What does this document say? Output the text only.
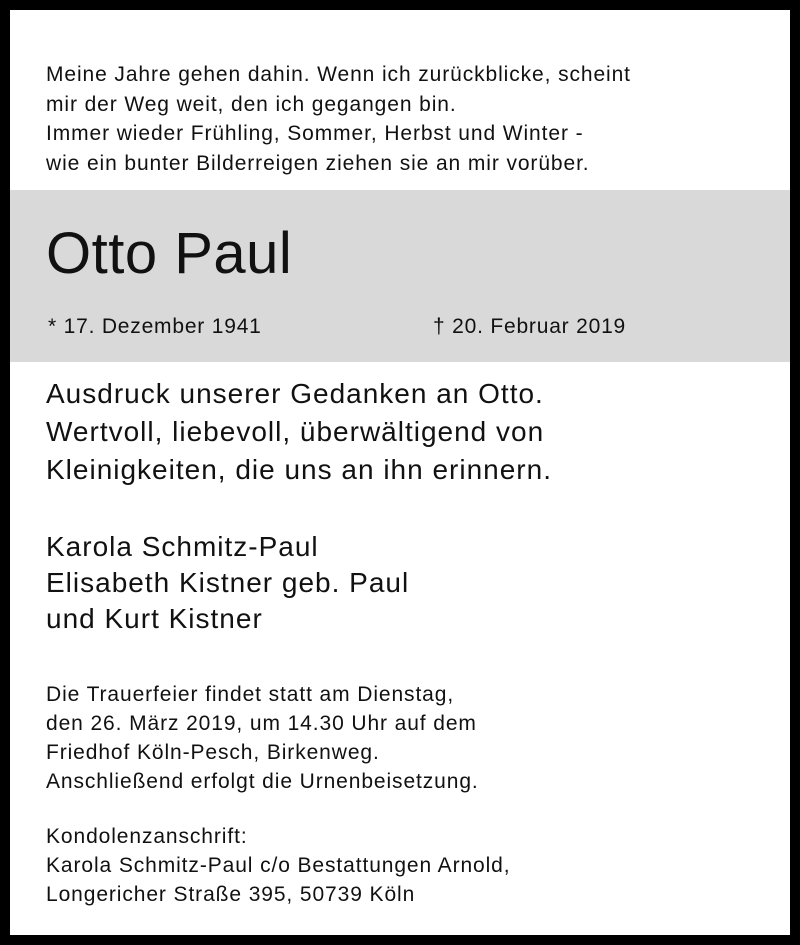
Meine Jahre gehen dahin. Wenn ich zurückblicke, scheint
mir der Weg weit, den ich gegangen bin.
Immer wieder Frühling, Sommer, Herbst und Winter -
wie ein bunter Bilderreigen ziehen sie an mir vorüber.
Otto Paul
* 17. Dezember 1941	† 20. Februar 2019
Ausdruck unserer Gedanken an Otto.
Wertvoll, liebevoll, überwältigend von
Kleinigkeiten, die uns an ihn erinnern.
Karola Schmitz-Paul
Elisabeth Kistner geb. Paul
und Kurt Kistner
Die Trauerfeier findet statt am Dienstag,
den 26. März 2019, um 14.30 Uhr auf dem
Friedhof Köln-Pesch, Birkenweg.
Anschließend erfolgt die Urnenbeisetzung.
Kondolenzanschrift:
Karola Schmitz-Paul c/o Bestattungen Arnold,
Longericher Straße 395, 50739 Köln
